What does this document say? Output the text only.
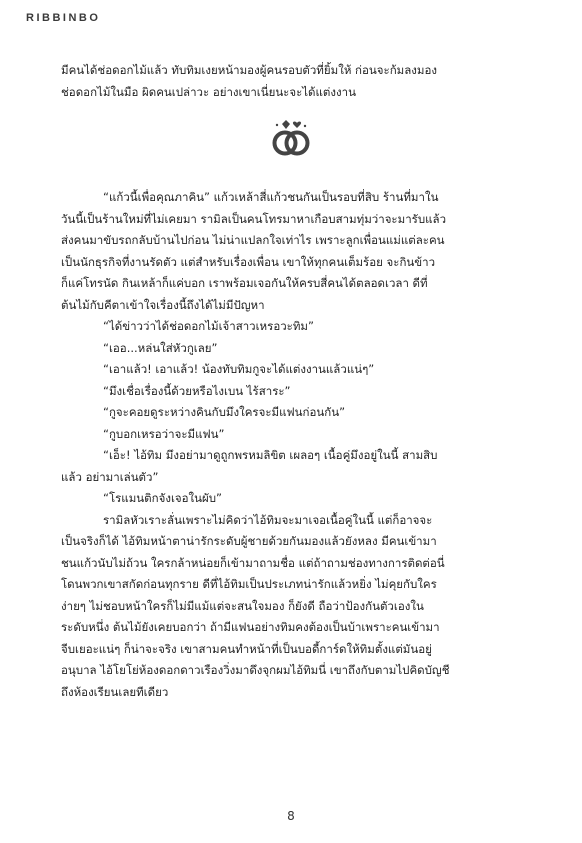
RIBBINBO
มีคนได้ช่อดอกไม้แล้ว ทับทิมเงยหน้ามองผู้คนรอบตัวที่ยิ้มให้ ก่อนจะก้มลงมอง
ช่อดอกไม้ในมือ ผิดคนเปล่าวะ อย่างเขาเนี่ยนะจะได้แต่งงาน
“แก้วนี้เพื่อคุณภาคิน” แก้วเหล้าสี่แก้วชนกันเป็นรอบที่สิบ ร้านที่มาใน
วันนี้เป็นร้านใหม่ที่ไม่เคยมา รามิลเป็นคนโทรมาหาเกือบสามทุ่มว่าจะมารับแล้ว
ส่งคนมาขับรถกลับบ้านไปก่อน ไม่น่าแปลกใจเท่าไร เพราะลูกเพื่อนแม่แต่ละคน
เป็นนักธุรกิจที่งานรัดตัว แต่สำหรับเรื่องเพื่อน เขาให้ทุกคนเต็มร้อย จะกินข้าว
ก็แค่โทรนัด กินเหล้าก็แค่บอก เราพร้อมเจอกันให้ครบสี่คนได้ตลอดเวลา ดีที่
ต้นไม้กับคีตาเข้าใจเรื่องนี้ถึงได้ไม่มีปัญหา
“ได้ข่าวว่าได้ช่อดอกไม้เจ้าสาวเหรอวะทิม”
“เออ...หล่นใส่หัวกูเลย”
“เอาแล้ว! เอาแล้ว! น้องทับทิมกูจะได้แต่งงานแล้วแน่ๆ”
“มึงเชื่อเรื่องนี้ด้วยหรือไงเบน ไร้สาระ”
“กูจะคอยดูระหว่างคินกับมึงใครจะมีแฟนก่อนกัน”
“กูบอกเหรอว่าจะมีแฟน”
“เอ็ะ! ไอ้ทิม มึงอย่ามาดูถูกพรหมลิขิต เผลอๆ เนื้อคู่มึงอยู่ในนี้ สามสิบ
แล้ว อย่ามาเล่นตัว”
“โรแมนติกจังเจอในผับ”
รามิลหัวเราะลั่นเพราะไม่คิดว่าไอ้ทิมจะมาเจอเนื้อคู่ในนี้ แต่ก็อาจจะ
เป็นจริงก็ได้ ไอ้ทิมหน้าตาน่ารักระดับผู้ชายด้วยกันมองแล้วยังหลง มีคนเข้ามา
ชนแก้วนับไม่ถ้วน ใครกล้าหน่อยก็เข้ามาถามชื่อ แต่ถ้าถามช่องทางการติดต่อนี่
โดนพวกเขาสกัดก่อนทุกราย ดีที่ไอ้ทิมเป็นประเภทน่ารักแล้วหยิ่ง ไม่คุยกับใคร
ง่ายๆ ไม่ชอบหน้าใครก็ไม่มีแม้แต่จะสนใจมอง ก็ยังดี ถือว่าป้องกันตัวเองใน
ระดับหนึ่ง ต้นไม้ยังเคยบอกว่า ถ้ามีแฟนอย่างทิมคงต้องเป็นบ้าเพราะคนเข้ามา
จีบเยอะแน่ๆ ก็น่าจะจริง เขาสามคนทำหน้าที่เป็นบอดี้การ์ดให้ทิมตั้งแต่มันอยู่
อนุบาล ไอ้โยโย่ห้องดอกดาวเรืองวิ่งมาดึงจุกผมไอ้ทิมนี่ เขาถึงกับตามไปคิดบัญชี
ถึงห้องเรียนเลยทีเดียว
8
